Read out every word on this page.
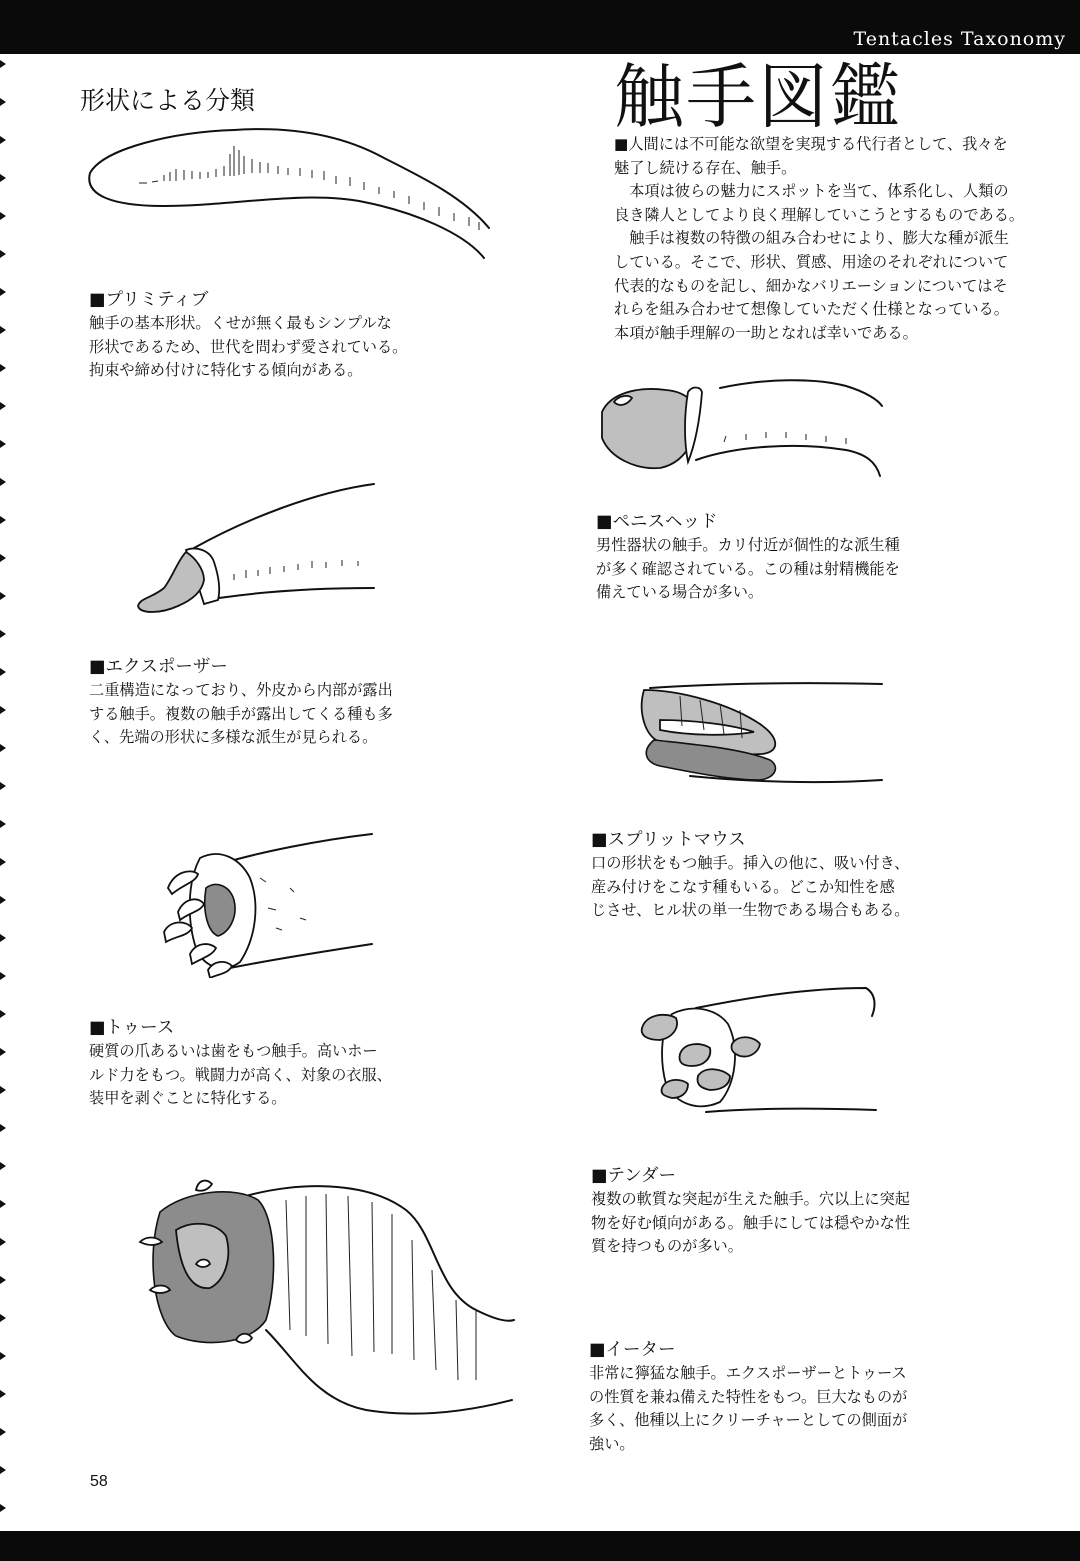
Tentacles Taxonomy
形状による分類	触手図鑑
■人間には不可能な欲望を実現する代行者として、我々を
魅了し続ける存在、触手。
　本項は彼らの魅力にスポットを当て、体系化し、人類の
良き隣人としてより良く理解していこうとするものである。
　触手は複数の特徴の組み合わせにより、膨大な種が派生
している。そこで、形状、質感、用途のそれぞれについて
代表的なものを記し、細かなバリエーションについてはそ
れらを組み合わせて想像していただく仕様となっている。
本項が触手理解の一助となれば幸いである。

■プリミティブ

触手の基本形状。くせが無く最もシンプルな
形状であるため、世代を問わず愛されている。
拘束や締め付けに特化する傾向がある。

■エクスポーザー

二重構造になっており、外皮から内部が露出
する触手。複数の触手が露出してくる種も多
く、先端の形状に多様な派生が見られる。

■トゥース

硬質の爪あるいは歯をもつ触手。高いホー
ルド力をもつ。戦闘力が高く、対象の衣服、
装甲を剥ぐことに特化する。

■ペニスヘッド

男性器状の触手。カリ付近が個性的な派生種
が多く確認されている。この種は射精機能を
備えている場合が多い。

■スプリットマウス

口の形状をもつ触手。挿入の他に、吸い付き、
産み付けをこなす種もいる。どこか知性を感
じさせ、ヒル状の単一生物である場合もある。

■テンダー

複数の軟質な突起が生えた触手。穴以上に突起
物を好む傾向がある。触手にしては穏やかな性
質を持つものが多い。

■イーター

非常に獰猛な触手。エクスポーザーとトゥース
の性質を兼ね備えた特性をもつ。巨大なものが
多く、他種以上にクリーチャーとしての側面が
強い。

58
